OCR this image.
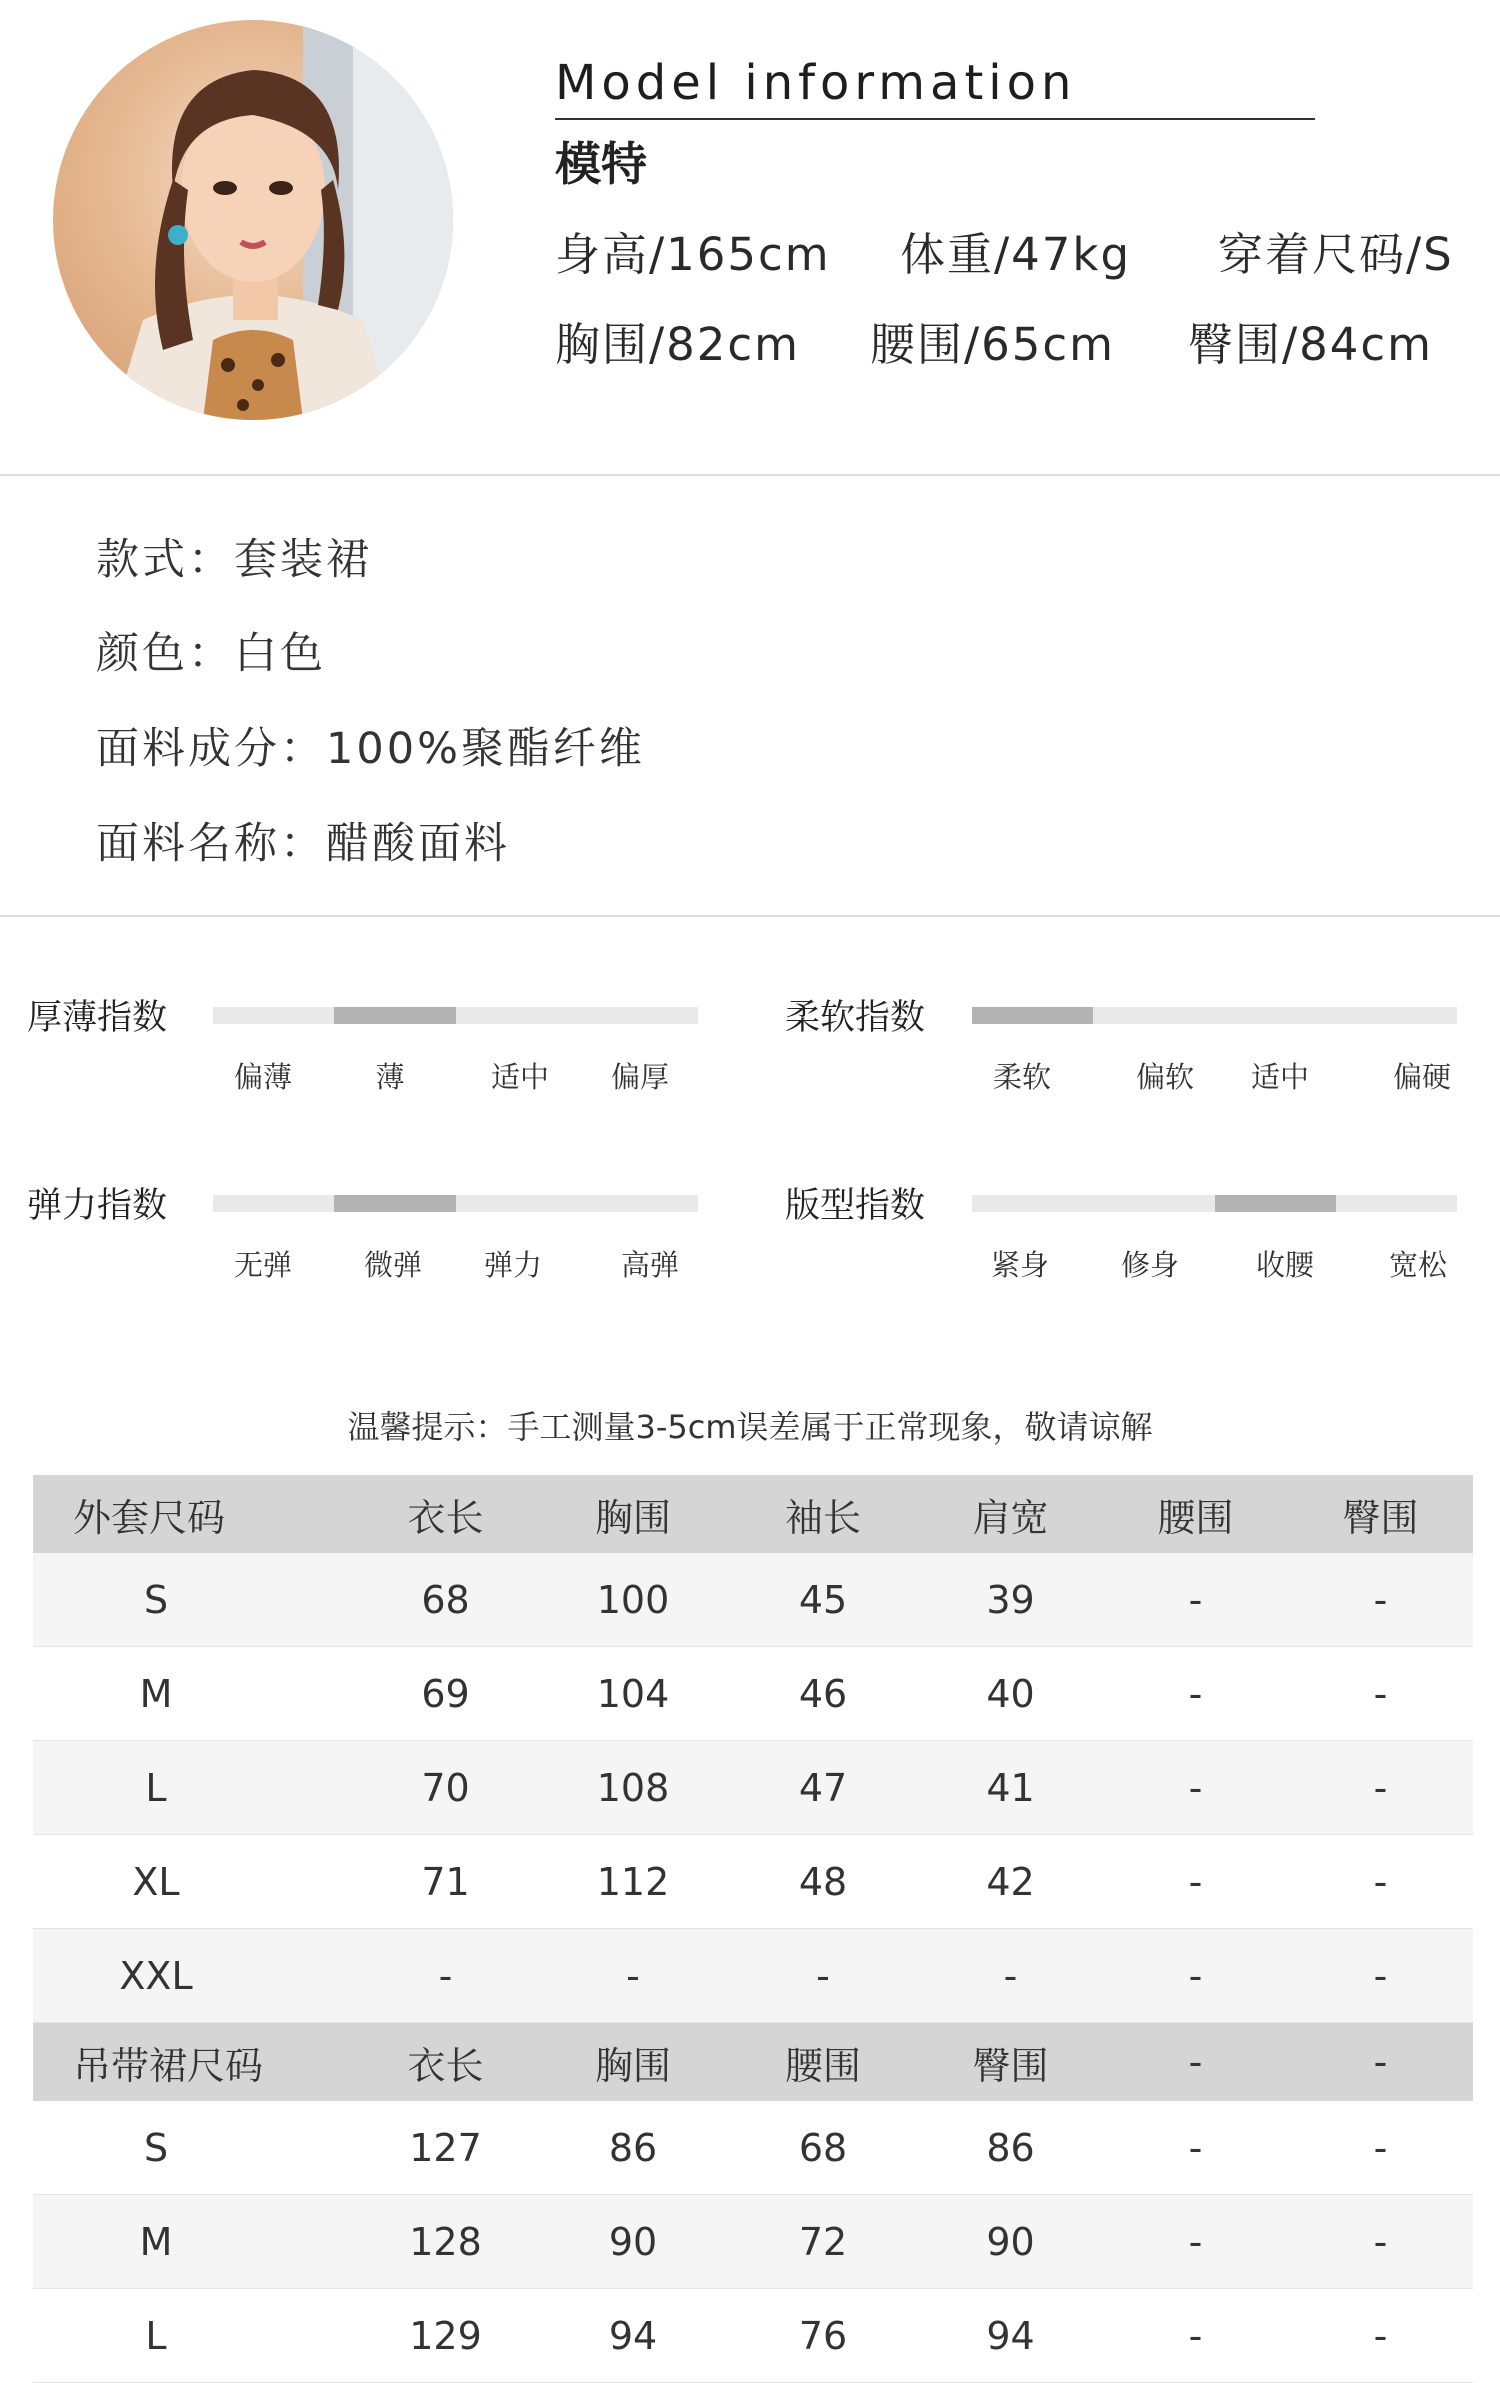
Model information
模特
身高/165cm 体重/47kg 穿着尺码/S
胸围/82cm 腰围/65cm 臀围/84cm
款式：套装裙
颜色：白色
面料成分：100%聚酯纤维
面料名称：醋酸面料
厚薄指数
偏薄	薄	适中 偏厚
柔软指数
柔软	偏软 适中	偏硬
弹力指数
无弹 微弹 弹力	高弹
版型指数
紧身 修身	收腰	宽松
温馨提示：手工测量3-5cm误差属于正常现象，敬请谅解
外套尺码	衣长	胸围	袖长	肩宽	腰围	臀围
S	68	100	45	39	-	-
M	69	104	46	40	-	-
L	70	108	47	41	-	-
XL	71	112	48	42	-	-
XXL	-	-	-	-	-	-
吊带裙尺码	衣长	胸围	腰围	臀围	-	-
S	127	86	68	86	-	-
M	128	90	72	90	-	-
L	129	94	76	94	-	-
